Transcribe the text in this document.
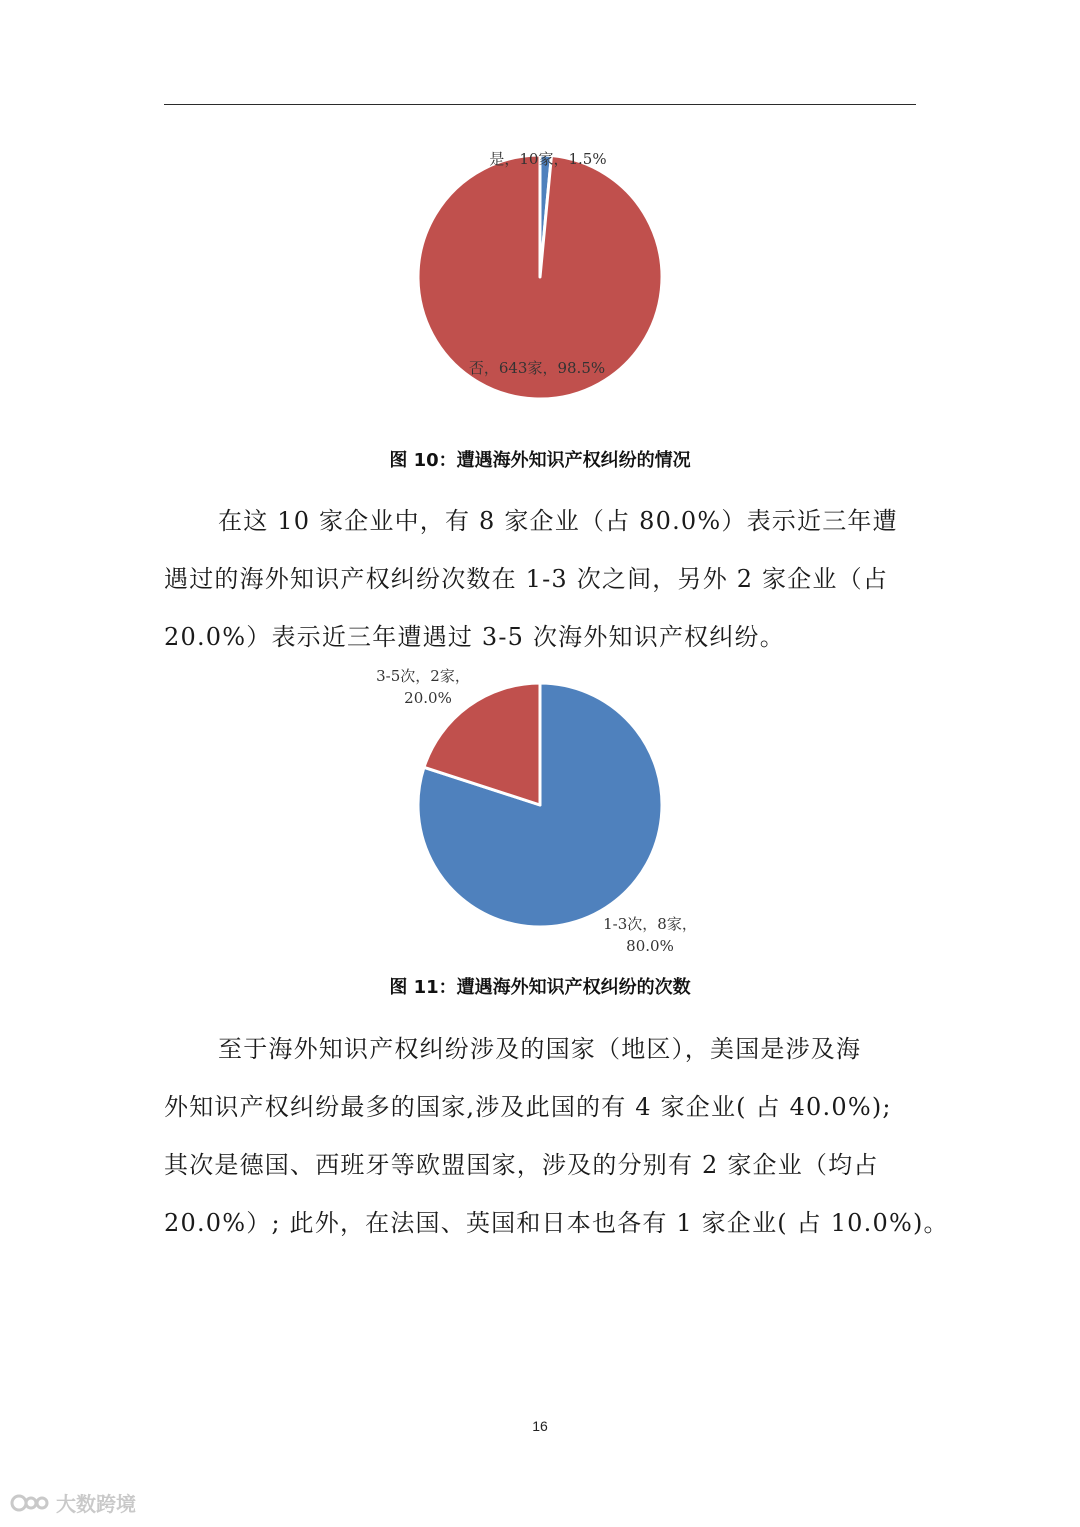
是，10家，1.5%
否，643家，98.5%
图 10：遭遇海外知识产权纠纷的情况
在这 10 家企业中，有 8 家企业（占 80.0%）表示近三年遭
遇过的海外知识产权纠纷次数在 1-3 次之间，另外 2 家企业（占
20.0%）表示近三年遭遇过 3-5 次海外知识产权纠纷。
3-5次，2家，
20.0%
1-3次，8家，
80.0%
图 11：遭遇海外知识产权纠纷的次数
至于海外知识产权纠纷涉及的国家（地区），美国是涉及海
外知识产权纠纷最多的国家,涉及此国的有 4 家企业( 占 40.0%);
其次是德国、西班牙等欧盟国家，涉及的分别有 2 家企业（均占
20.0%）; 此外，在法国、英国和日本也各有 1 家企业( 占 10.0%)。
16
大数跨境
